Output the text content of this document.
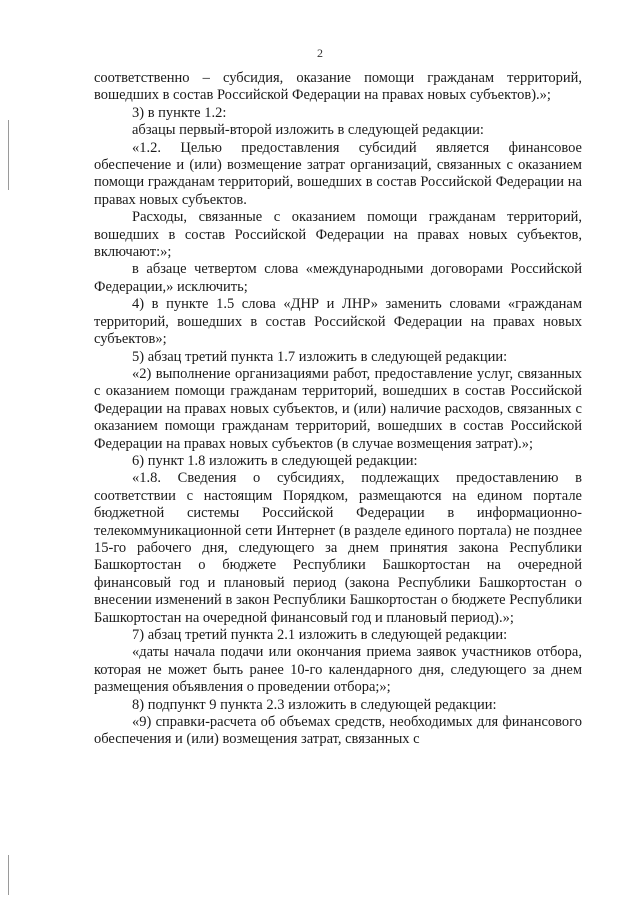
2

соответственно – субсидия, оказание помощи гражданам территорий, вошедших в состав Российской Федерации на правах новых субъектов).»;

3) в пункте 1.2:

абзацы первый-второй изложить в следующей редакции:

«1.2. Целью предоставления субсидий является финансовое обеспечение и (или) возмещение затрат организаций, связанных с оказанием помощи гражданам территорий, вошедших в состав Российской Федерации на правах новых субъектов.

Расходы, связанные с оказанием помощи гражданам территорий, вошедших в состав Российской Федерации на правах новых субъектов, включают:»;

в абзаце четвертом слова «международными договорами Российской Федерации,» исключить;

4) в пункте 1.5 слова «ДНР и ЛНР» заменить словами «гражданам территорий, вошедших в состав Российской Федерации на правах новых субъектов»;

5) абзац третий пункта 1.7 изложить в следующей редакции:

«2) выполнение организациями работ, предоставление услуг, связанных с оказанием помощи гражданам территорий, вошедших в состав Российской Федерации на правах новых субъектов, и (или) наличие расходов, связанных с оказанием помощи гражданам территорий, вошедших в состав Российской Федерации на правах новых субъектов (в случае возмещения затрат).»;

6) пункт 1.8 изложить в следующей редакции:

«1.8. Сведения о субсидиях, подлежащих предоставлению в соответствии с настоящим Порядком, размещаются на едином портале бюджетной системы Российской Федерации в информационно-телекоммуникационной сети Интернет (в разделе единого портала) не позднее 15-го рабочего дня, следующего за днем принятия закона Республики Башкортостан о бюджете Республики Башкортостан на очередной финансовый год и плановый период (закона Республики Башкортостан о внесении изменений в закон Республики Башкортостан о бюджете Республики Башкортостан на очередной финансовый год и плановый период).»;

7) абзац третий пункта 2.1 изложить в следующей редакции:

«даты начала подачи или окончания приема заявок участников отбора, которая не может быть ранее 10-го календарного дня, следующего за днем размещения объявления о проведении отбора;»;

8) подпункт 9 пункта 2.3 изложить в следующей редакции:

«9) справки-расчета об объемах средств, необходимых для финансового обеспечения и (или) возмещения затрат, связанных с
